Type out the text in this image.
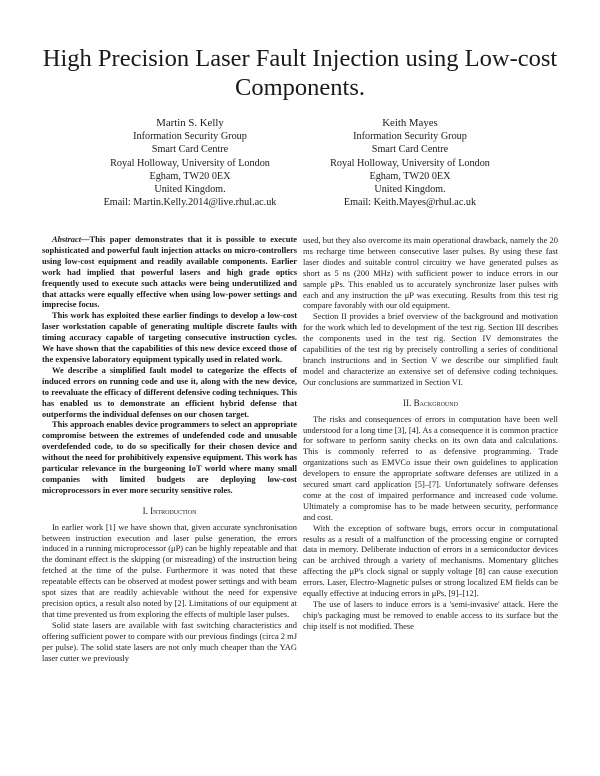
High Precision Laser Fault Injection using Low-cost Components.
Martin S. Kelly
Information Security Group
Smart Card Centre
Royal Holloway, University of London
Egham, TW20 0EX
United Kingdom.
Email: Martin.Kelly.2014@live.rhul.ac.uk
Keith Mayes
Information Security Group
Smart Card Centre
Royal Holloway, University of London
Egham, TW20 0EX
United Kingdom.
Email: Keith.Mayes@rhul.ac.uk

Abstract—This paper demonstrates that it is possible to execute sophisticated and powerful fault injection attacks on micro-controllers using low-cost equipment and readily available components. Earlier work had implied that powerful lasers and high grade optics frequently used to execute such attacks were being underutilized and that attacks were equally effective when using low-power settings and imprecise focus.

This work has exploited these earlier findings to develop a low-cost laser workstation capable of generating multiple discrete faults with timing accuracy capable of targeting consecutive instruction cycles. We have shown that the capabilities of this new device exceed those of the expensive laboratory equipment typically used in related work.

We describe a simplified fault model to categorize the effects of induced errors on running code and use it, along with the new device, to reevaluate the efficacy of different defensive coding techniques. This has enabled us to demonstrate an efficient hybrid defense that outperforms the individual defenses on our chosen target.

This approach enables device programmers to select an appropriate compromise between the extremes of undefended code and unusable overdefended code, to do so specifically for their chosen device and without the need for prohibitively expensive equipment. This work has particular relevance in the burgeoning IoT world where many small companies with limited budgets are deploying low-cost microprocessors in ever more security sensitive roles.

I. Introduction

In earlier work [1] we have shown that, given accurate synchronisation between instruction execution and laser pulse generation, the errors induced in a running microprocessor (μP) can be highly repeatable and that the dominant effect is the skipping (or misreading) of the instruction being fetched at the time of the pulse. Furthermore it was noted that these repeatable effects can be observed at modest power settings and with beam spot sizes that are readily achievable without the need for expensive precision optics, a result also noted by [2]. Limitations of our equipment at that time prevented us from exploring the effects of multiple laser pulses.

Solid state lasers are available with fast switching characteristics and offering sufficient power to compare with our previous findings (circa 2 mJ per pulse). The solid state lasers are not only much cheaper than the YAG laser cutter we previously

used, but they also overcome its main operational drawback, namely the 20 ms recharge time between consecutive laser pulses. By using these fast laser diodes and suitable control circuitry we have generated pulses as short as 5 ns (200 MHz) with sufficient power to induce errors in our sample μPs. This enabled us to accurately synchronize laser pulses with each and any instruction the μP was executing. Results from this test rig compare favorably with our old equipment.

Section II provides a brief overview of the background and motivation for the work which led to development of the test rig. Section III describes the components used in the test rig. Section IV demonstrates the capabilities of the test rig by precisely controlling a series of conditional branch instructions and in Section V we describe our simplified fault model and characterize an extensive set of defensive coding techniques. Our conclusions are summarized in Section VI.

II. Background

The risks and consequences of errors in computation have been well understood for a long time [3], [4]. As a consequence it is common practice for software to perform sanity checks on its own data and calculations. This is commonly referred to as defensive programming. Trade organizations such as EMVCo issue their own guidelines to application developers to ensure the appropriate software defenses are utilized in a secured smart card application [5]–[7]. Unfortunately software defenses come at the cost of impaired performance and increased code volume. Ultimately a compromise has to be made between security, performance and cost.

With the exception of software bugs, errors occur in computational results as a result of a malfunction of the processing engine or corrupted data in memory. Deliberate induction of errors in a semiconductor devices can be archived through a variety of mechanisms. Momentary glitches affecting the μP's clock signal or supply voltage [8] can cause execution errors. Laser, Electro-Magnetic pulses or strong localized EM fields can be equally effective at inducing errors in μPs, [9]–[12].

The use of lasers to induce errors is a 'semi-invasive' attack. Here the chip's packaging must be removed to enable access to its surface but the chip itself is not modified. These
